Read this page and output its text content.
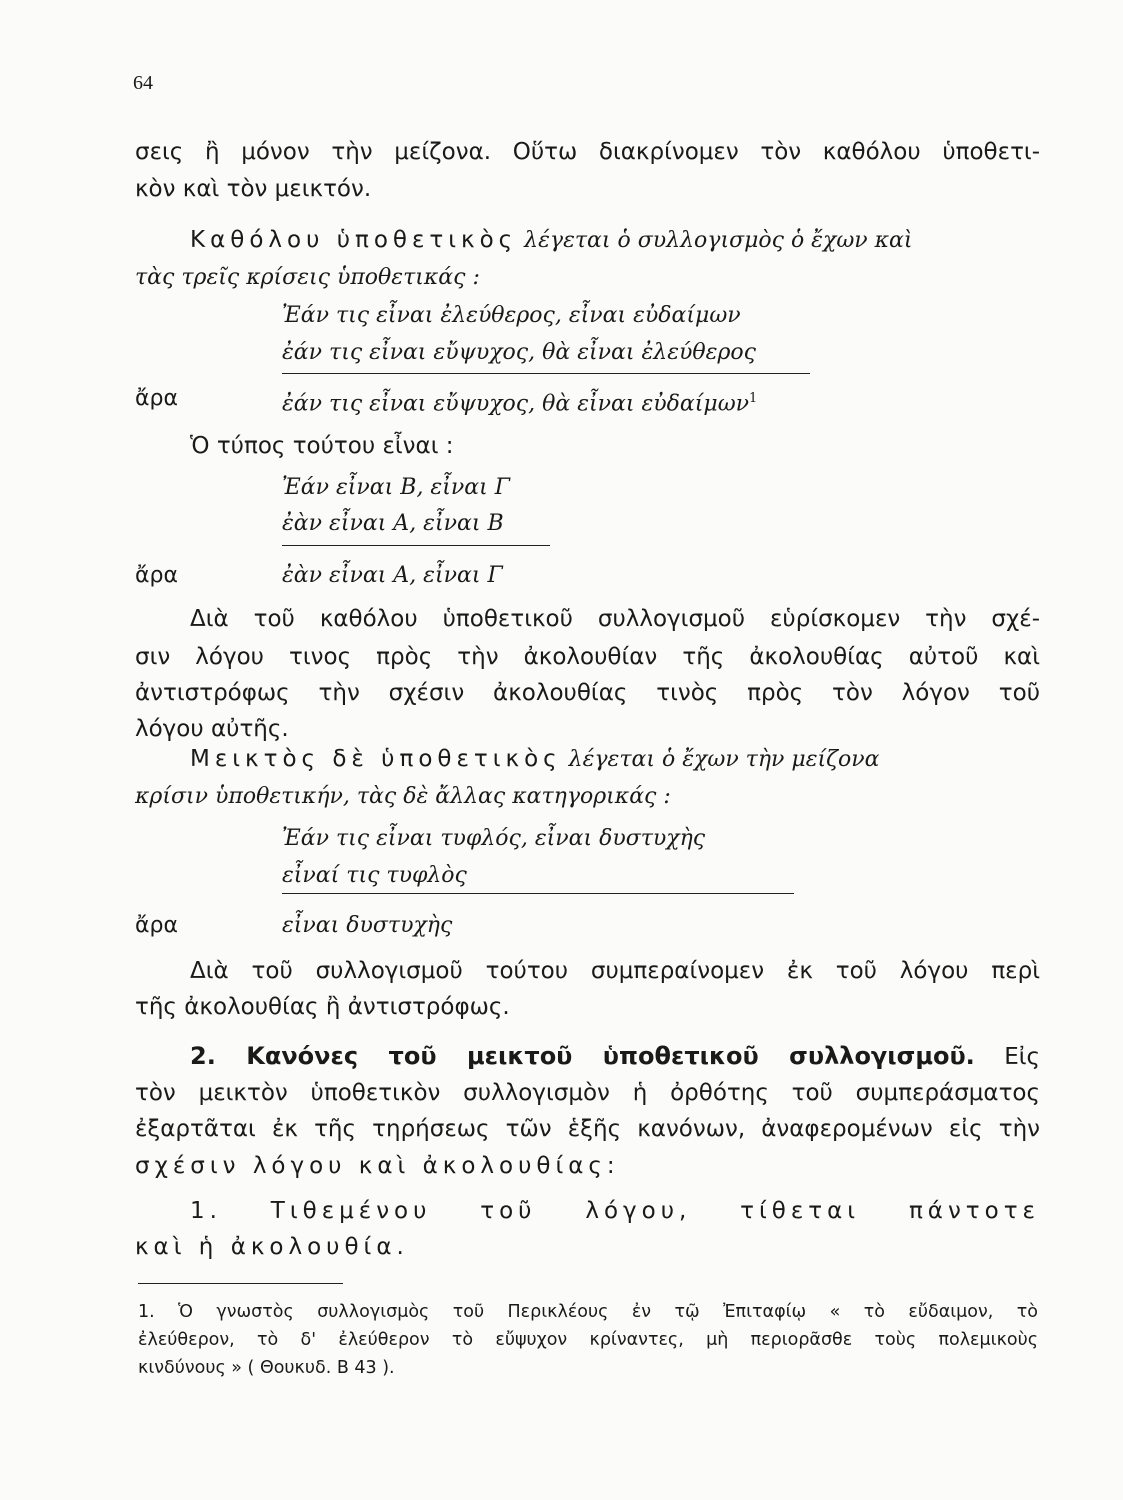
64
σεις ἢ μόνον τὴν μείζονα. Οὕτω διακρίνομεν τὸν καθόλου ὑποθετι-
κὸν καὶ τὸν μεικτόν.
Καθόλου ὑποθετικὸς λέγεται ὁ συλλογισμὸς ὁ ἔχων καὶ
τὰς τρεῖς κρίσεις ὑποθετικάς :
Ἐάν τις εἶναι ἐλεύθερος, εἶναι εὐδαίμων
ἐάν τις εἶναι εὔψυχος, θὰ εἶναι ἐλεύθερος
ἄρα	ἐάν τις εἶναι εὔψυχος, θὰ εἶναι εὐδαίμων$^1$
Ὁ τύπος τούτου εἶναι :
Ἐάν εἶναι Β, εἶναι Γ
ἐὰν εἶναι Α, εἶναι Β
ἄρα	ἐὰν εἶναι Α, εἶναι Γ
Διὰ τοῦ καθόλου ὑποθετικοῦ συλλογισμοῦ εὑρίσκομεν τὴν σχέ-
σιν λόγου τινος πρὸς τὴν ἀκολουθίαν τῆς ἀκολουθίας αὐτοῦ καὶ
ἀντιστρόφως τὴν σχέσιν ἀκολουθίας τινὸς πρὸς τὸν λόγον τοῦ
λόγου αὐτῆς.
Μεικτὸς δὲ ὑποθετικὸς λέγεται ὁ ἔχων τὴν μείζονα
κρίσιν ὑποθετικήν, τὰς δὲ ἄλλας κατηγορικάς :
Ἐάν τις εἶναι τυφλός, εἶναι δυστυχὴς
εἶναί τις τυφλὸς
ἄρα	εἶναι δυστυχὴς
Διὰ τοῦ συλλογισμοῦ τούτου συμπεραίνομεν ἐκ τοῦ λόγου περὶ
τῆς ἀκολουθίας ἢ ἀντιστρόφως.
2. Κανόνες τοῦ μεικτοῦ ὑποθετικοῦ συλλογισμοῦ. Εἰς
τὸν μεικτὸν ὑποθετικὸν συλλογισμὸν ἡ ὀρθότης τοῦ συμπεράσματος
ἐξαρτᾶται ἐκ τῆς τηρήσεως τῶν ἑξῆς κανόνων, ἀναφερομένων εἰς τὴν
σχέσιν λόγου καὶ ἀκολουθίας:
1. Τιθεμένου τοῦ λόγου, τίθεται πάντοτε
καὶ ἡ ἀκολουθία.
1. Ὁ γνωστὸς συλλογισμὸς τοῦ Περικλέους ἐν τῷ Ἐπιταφίῳ « τὸ εὔδαιμον, τὸ
ἐλεύθερον, τὸ δ' ἐλεύθερον τὸ εὔψυχον κρίναντες, μὴ περιορᾶσθε τοὺς πολεμικοὺς
κινδύνους » ( Θουκυδ. Β 43 ).
